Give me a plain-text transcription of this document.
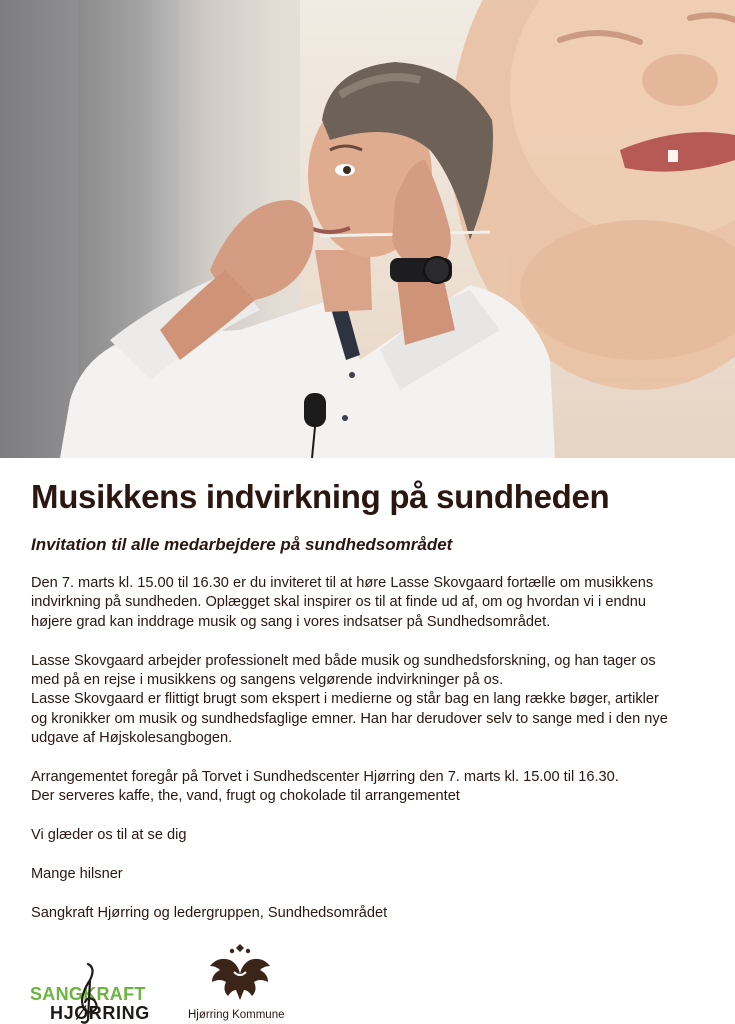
Musikkens indvirkning på sundheden
Invitation til alle medarbejdere på sundhedsområdet

Den 7. marts kl. 15.00 til 16.30 er du inviteret til at høre Lasse Skovgaard fortælle om musikkens
indvirkning på sundheden. Oplægget skal inspirer os til at finde ud af, om og hvordan vi i endnu
højere grad kan inddrage musik og sang i vores indsatser på Sundhedsområdet.

Lasse Skovgaard arbejder professionelt med både musik og sundhedsforskning, og han tager os
med på en rejse i musikkens og sangens velgørende indvirkninger på os.
Lasse Skovgaard er flittigt brugt som ekspert i medierne og står bag en lang række bøger, artikler
og kronikker om musik og sundhedsfaglige emner. Han har derudover selv to sange med i den nye
udgave af Højskolesangbogen.

Arrangementet foregår på Torvet i Sundhedscenter Hjørring den 7. marts kl. 15.00 til 16.30.
Der serveres kaffe, the, vand, frugt og chokolade til arrangementet

Vi glæder os til at se dig

Mange hilsner

Sangkraft Hjørring og ledergruppen, Sundhedsområdet

SANGKRAFT
HJØRRING	Hjørring Kommune
